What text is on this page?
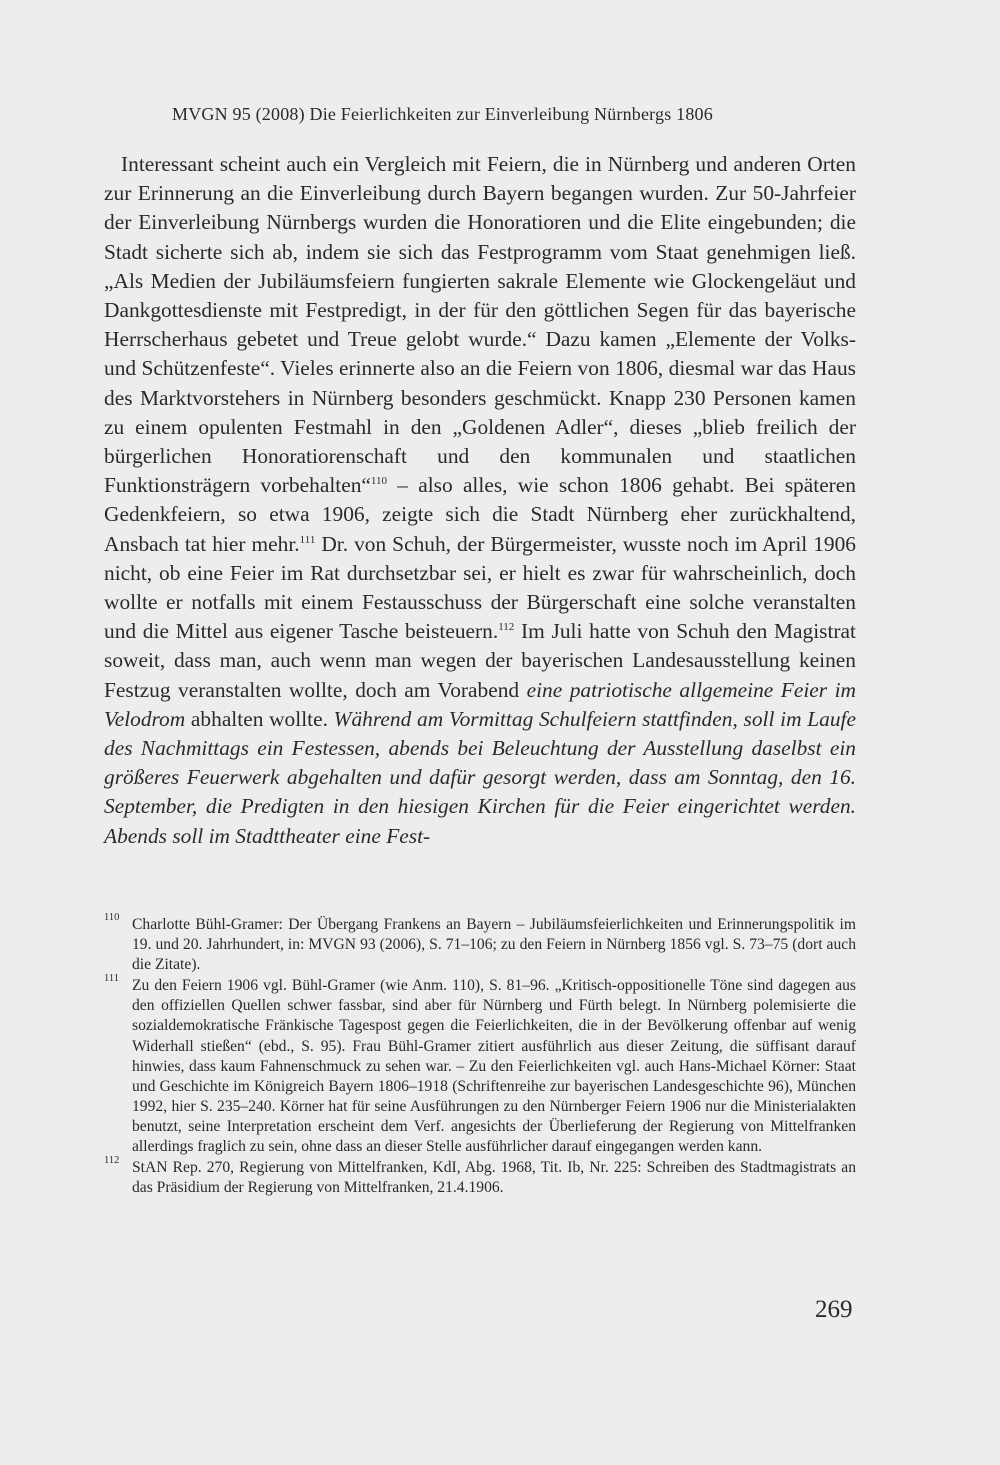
MVGN 95 (2008) Die Feierlichkeiten zur Einverleibung Nürnbergs 1806

Interessant scheint auch ein Vergleich mit Feiern, die in Nürnberg und anderen Orten zur Erinnerung an die Einverleibung durch Bayern begangen wurden. Zur 50-Jahrfeier der Einverleibung Nürnbergs wurden die Honoratioren und die Elite eingebunden; die Stadt sicherte sich ab, indem sie sich das Festprogramm vom Staat genehmigen ließ. „Als Medien der Jubiläumsfeiern fungierten sakrale Elemente wie Glockengeläut und Dankgottesdienste mit Festpredigt, in der für den göttlichen Segen für das bayerische Herrscherhaus gebetet und Treue gelobt wurde.“ Dazu kamen „Elemente der Volks- und Schützenfeste“. Vieles erinnerte also an die Feiern von 1806, diesmal war das Haus des Marktvorstehers in Nürnberg besonders geschmückt. Knapp 230 Personen kamen zu einem opulenten Festmahl in den „Goldenen Adler“, dieses „blieb freilich der bürgerlichen Honoratiorenschaft und den kommunalen und staatlichen Funktionsträgern vorbehalten“$^{110}$ – also alles, wie schon 1806 gehabt. Bei späteren Gedenkfeiern, so etwa 1906, zeigte sich die Stadt Nürnberg eher zurückhaltend, Ansbach tat hier mehr.$^{111}$ Dr. von Schuh, der Bürgermeister, wusste noch im April 1906 nicht, ob eine Feier im Rat durchsetzbar sei, er hielt es zwar für wahrscheinlich, doch wollte er notfalls mit einem Festausschuss der Bürgerschaft eine solche veranstalten und die Mittel aus eigener Tasche beisteuern.$^{112}$ Im Juli hatte von Schuh den Magistrat soweit, dass man, auch wenn man wegen der bayerischen Landesausstellung keinen Festzug veranstalten wollte, doch am Vorabend eine patriotische allgemeine Feier im Velodrom abhalten wollte. Während am Vormittag Schulfeiern stattfinden, soll im Laufe des Nachmittags ein Festessen, abends bei Beleuchtung der Ausstellung daselbst ein größeres Feuerwerk abgehalten und dafür gesorgt werden, dass am Sonntag, den 16. September, die Predigten in den hiesigen Kirchen für die Feier eingerichtet werden. Abends soll im Stadttheater eine Fest-

110 Charlotte Bühl-Gramer: Der Übergang Frankens an Bayern – Jubiläumsfeierlichkeiten und Erinnerungspolitik im 19. und 20. Jahrhundert, in: MVGN 93 (2006), S. 71–106; zu den Feiern in Nürnberg 1856 vgl. S. 73–75 (dort auch die Zitate).
111 Zu den Feiern 1906 vgl. Bühl-Gramer (wie Anm. 110), S. 81–96. „Kritisch-oppositionelle Töne sind dagegen aus den offiziellen Quellen schwer fassbar, sind aber für Nürnberg und Fürth belegt. In Nürnberg polemisierte die sozialdemokratische Fränkische Tagespost gegen die Feierlichkeiten, die in der Bevölkerung offenbar auf wenig Widerhall stießen“ (ebd., S. 95). Frau Bühl-Gramer zitiert ausführlich aus dieser Zeitung, die süffisant darauf hinwies, dass kaum Fahnenschmuck zu sehen war. – Zu den Feierlichkeiten vgl. auch Hans-Michael Körner: Staat und Geschichte im Königreich Bayern 1806–1918 (Schriftenreihe zur bayerischen Landesgeschichte 96), München 1992, hier S. 235–240. Körner hat für seine Ausführungen zu den Nürnberger Feiern 1906 nur die Ministerialakten benutzt, seine Interpretation erscheint dem Verf. angesichts der Überlieferung der Regierung von Mittelfranken allerdings fraglich zu sein, ohne dass an dieser Stelle ausführlicher darauf eingegangen werden kann.
112 StAN Rep. 270, Regierung von Mittelfranken, KdI, Abg. 1968, Tit. Ib, Nr. 225: Schreiben des Stadtmagistrats an das Präsidium der Regierung von Mittelfranken, 21.4.1906.
269
